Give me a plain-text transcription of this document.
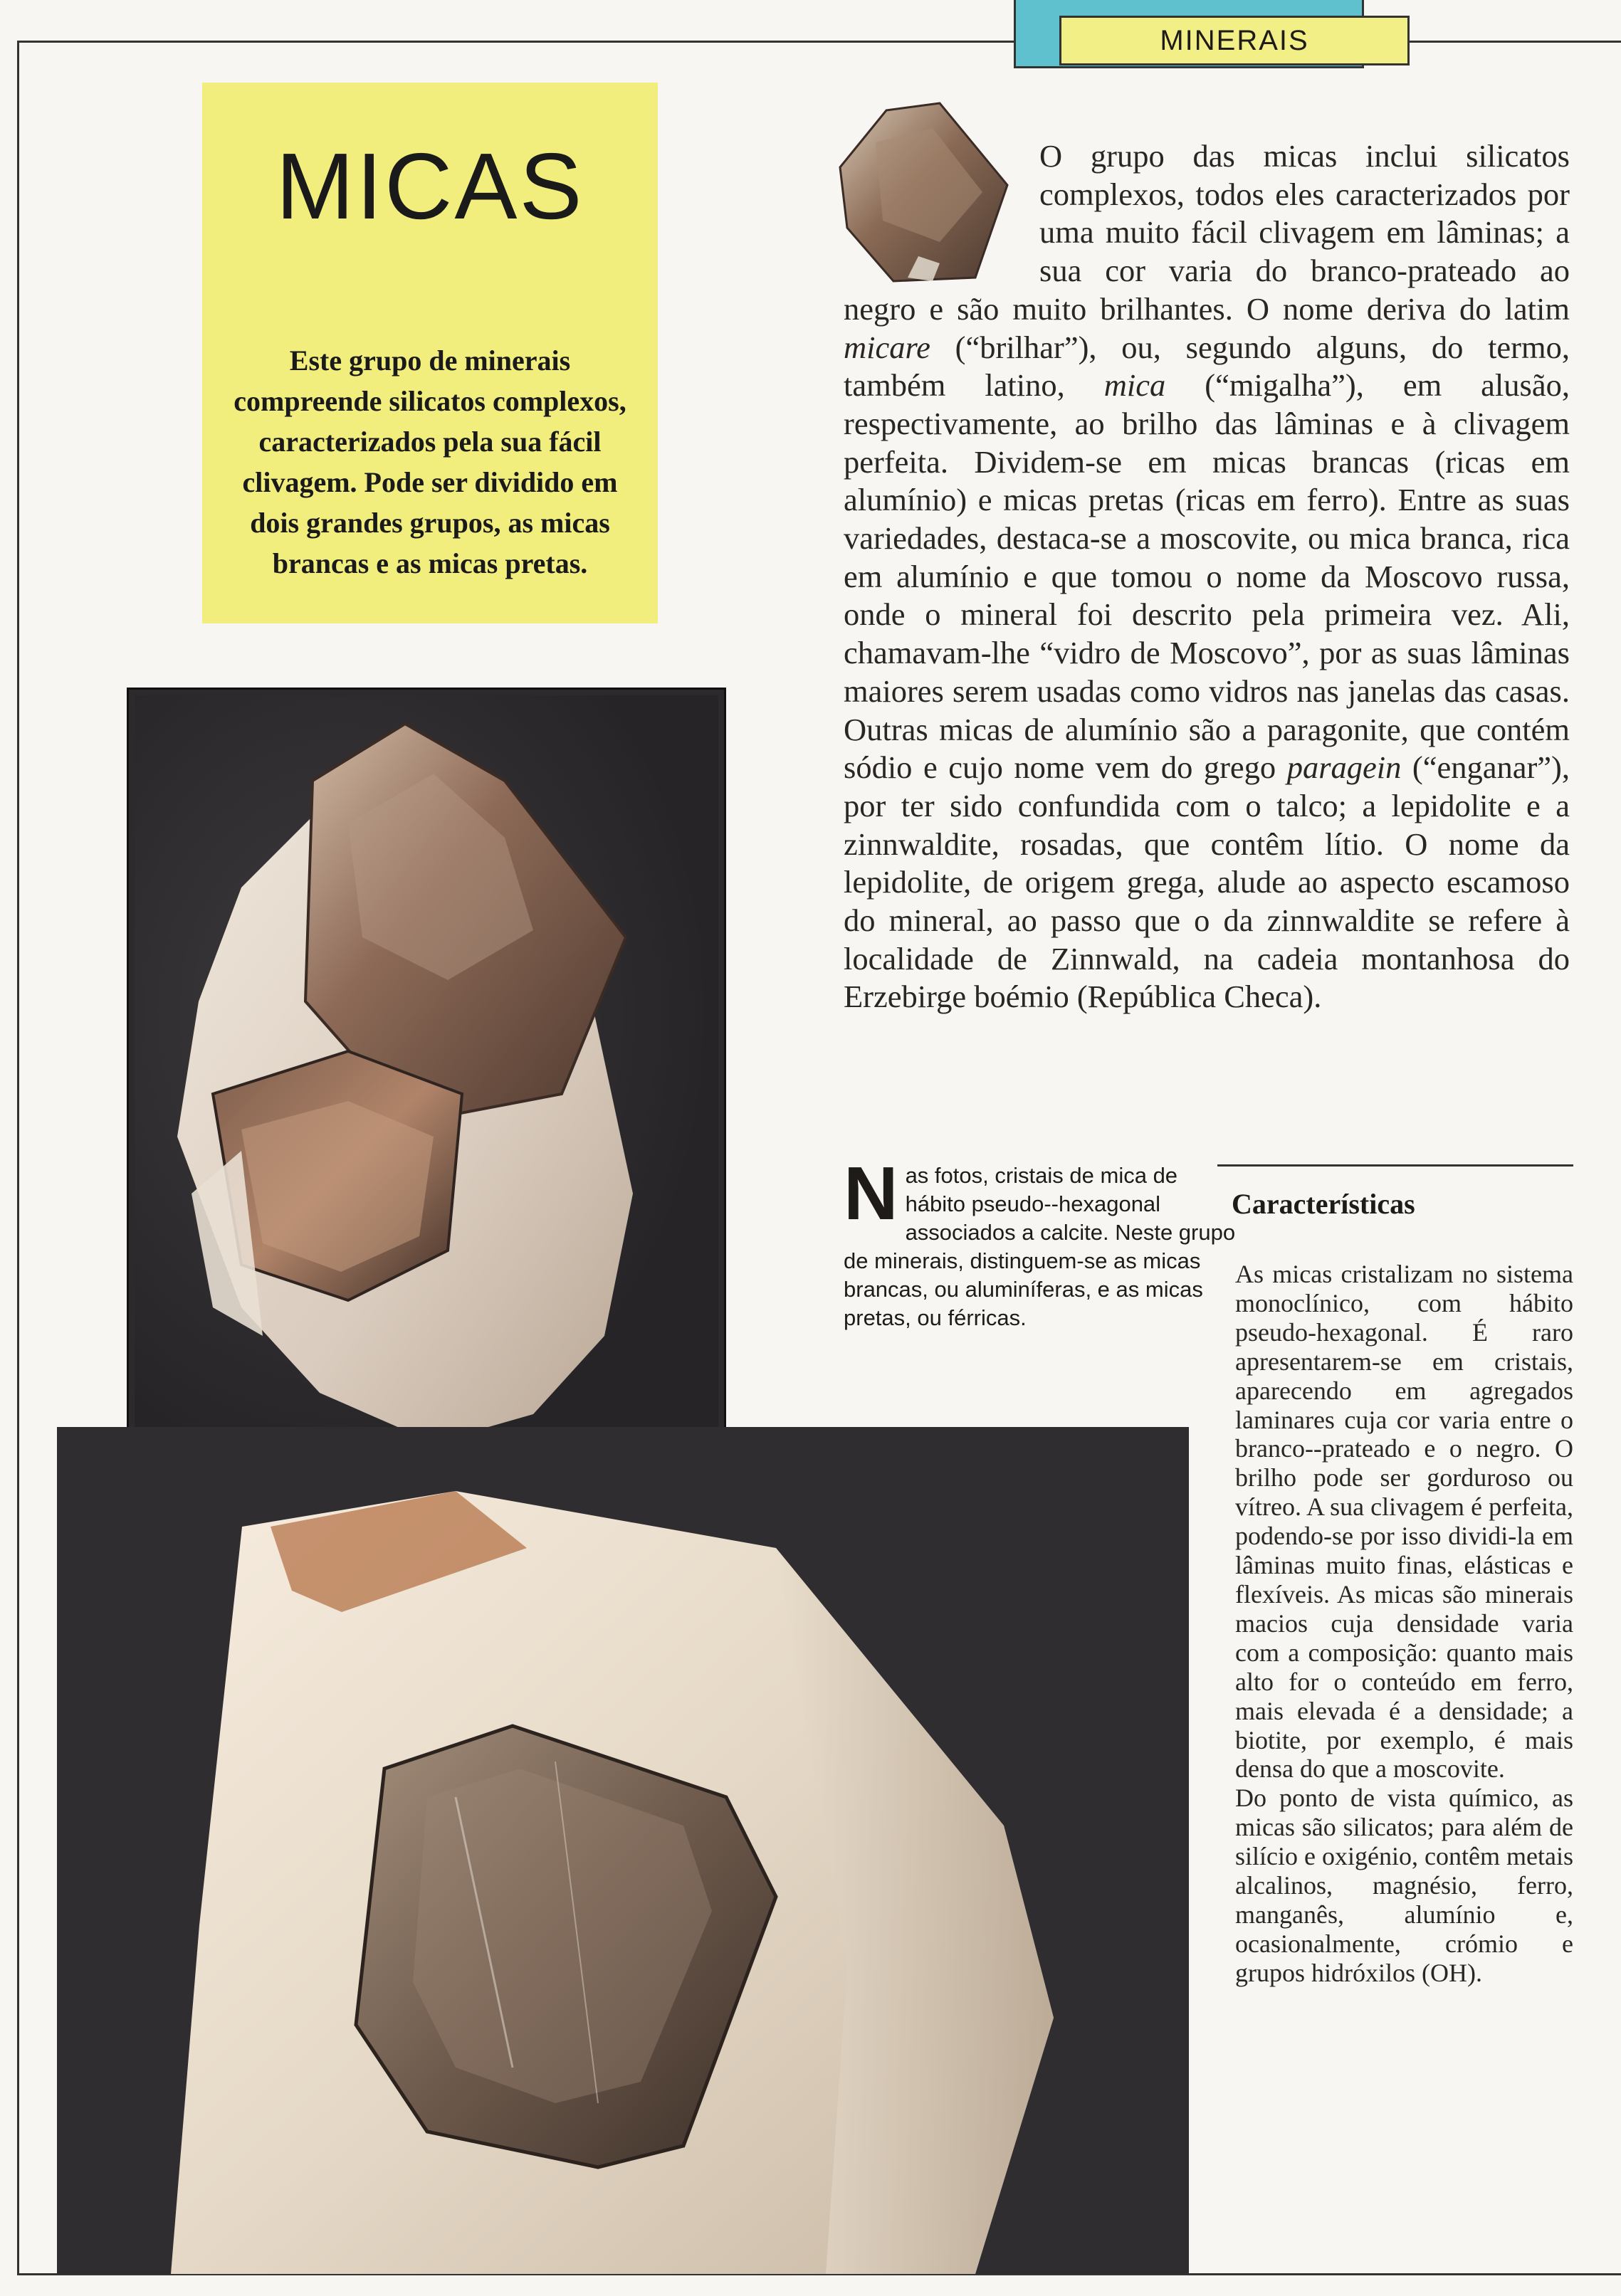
MINERAIS
MICAS
Este grupo de minerais compreende silicatos complexos, caracterizados pela sua fácil clivagem. Pode ser dividido em dois grandes grupos, as micas brancas e as micas pretas.
O grupo das micas inclui silicatos complexos, todos eles caracterizados por uma muito fácil clivagem em lâminas; a sua cor varia do branco-prateado ao negro e são muito brilhantes. O nome deriva do latim micare (“brilhar”), ou, segundo alguns, do termo, também latino, mica (“migalha”), em alusão, respectivamente, ao brilho das lâminas e à clivagem perfeita. Dividem-se em micas brancas (ricas em alumínio) e micas pretas (ricas em ferro). Entre as suas variedades, destaca-se a moscovite, ou mica branca, rica em alumínio e que tomou o nome da Moscovo russa, onde o mineral foi descrito pela primeira vez. Ali, chamavam-lhe “vidro de Moscovo”, por as suas lâminas maiores serem usadas como vidros nas janelas das casas. Outras micas de alumínio são a paragonite, que contém sódio e cujo nome vem do grego paragein (“enganar”), por ter sido confundida com o talco; a lepidolite e a zinnwaldite, rosadas, que contêm lítio. O nome da lepidolite, de origem grega, alude ao aspecto escamoso do mineral, ao passo que o da zinnwaldite se refere à localidade de Zinnwald, na cadeia montanhosa do Erzebirge boémio (República Checa).
Nas fotos, cristais de mica de hábito pseudo--hexagonal associados a calcite. Neste grupo de minerais, distinguem-se as micas brancas, ou aluminíferas, e as micas pretas, ou férricas.
Características

As micas cristalizam no sistema monoclínico, com hábito pseudo-hexagonal. É raro apresentarem-se em cristais, aparecendo em agregados laminares cuja cor varia entre o branco--prateado e o negro. O brilho pode ser gorduroso ou vítreo. A sua clivagem é perfeita, podendo-se por isso dividi-la em lâminas muito finas, elásticas e flexíveis. As micas são minerais macios cuja densidade varia com a composição: quanto mais alto for o conteúdo em ferro, mais elevada é a densidade; a biotite, por exemplo, é mais densa do que a moscovite.

Do ponto de vista químico, as micas são silicatos; para além de silício e oxigénio, contêm metais alcalinos, magnésio, ferro, manganês, alumínio e, ocasionalmente, crómio e grupos hidróxilos (OH).
